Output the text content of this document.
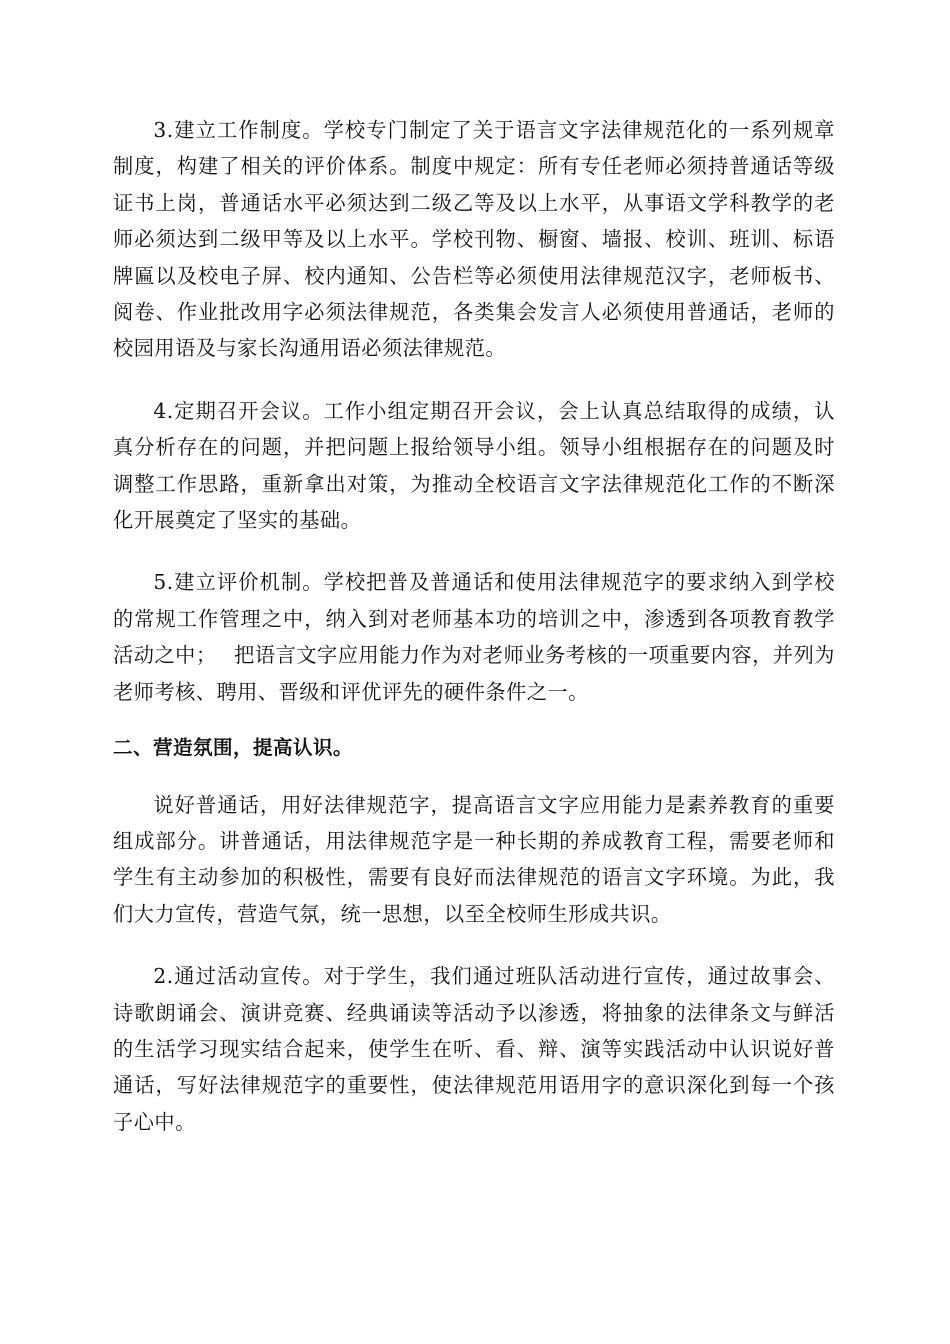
3.建立工作制度。学校专门制定了关于语言文字法律规范化的一系列规章制度，构建了相关的评价体系。制度中规定：所有专任老师必须持普通话等级证书上岗，普通话水平必须达到二级乙等及以上水平，从事语文学科教学的老师必须达到二级甲等及以上水平。学校刊物、橱窗、墙报、校训、班训、标语牌匾以及校电子屏、校内通知、公告栏等必须使用法律规范汉字，老师板书、阅卷、作业批改用字必须法律规范，各类集会发言人必须使用普通话，老师的校园用语及与家长沟通用语必须法律规范。

4.定期召开会议。工作小组定期召开会议，会上认真总结取得的成绩，认真分析存在的问题，并把问题上报给领导小组。领导小组根据存在的问题及时调整工作思路，重新拿出对策，为推动全校语言文字法律规范化工作的不断深化开展奠定了坚实的基础。

5.建立评价机制。学校把普及普通话和使用法律规范字的要求纳入到学校的常规工作管理之中，纳入到对老师基本功的培训之中，渗透到各项教育教学活动之中；　 把语言文字应用能力作为对老师业务考核的一项重要内容，并列为老师考核、聘用、晋级和评优评先的硬件条件之一。

二、营造氛围，提高认识。

说好普通话，用好法律规范字，提高语言文字应用能力是素养教育的重要组成部分。讲普通话，用法律规范字是一种长期的养成教育工程，需要老师和学生有主动参加的积极性，需要有良好而法律规范的语言文字环境。为此，我们大力宣传，营造气氛，统一思想，以至全校师生形成共识。

2.通过活动宣传。对于学生，我们通过班队活动进行宣传，通过故事会、诗歌朗诵会、演讲竞赛、经典诵读等活动予以渗透，将抽象的法律条文与鲜活的生活学习现实结合起来，使学生在听、看、辩、演等实践活动中认识说好普通话，写好法律规范字的重要性，使法律规范用语用字的意识深化到每一个孩子心中。
